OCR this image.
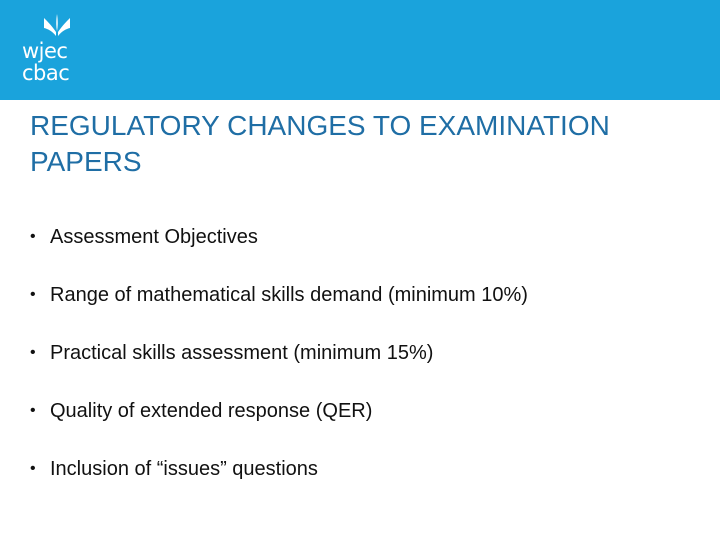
wjec
cbac
REGULATORY CHANGES TO EXAMINATION PAPERS
• Assessment Objectives
• Range of mathematical skills demand (minimum 10%)
• Practical skills assessment (minimum 15%)
• Quality of extended response (QER)
• Inclusion of “issues” questions
